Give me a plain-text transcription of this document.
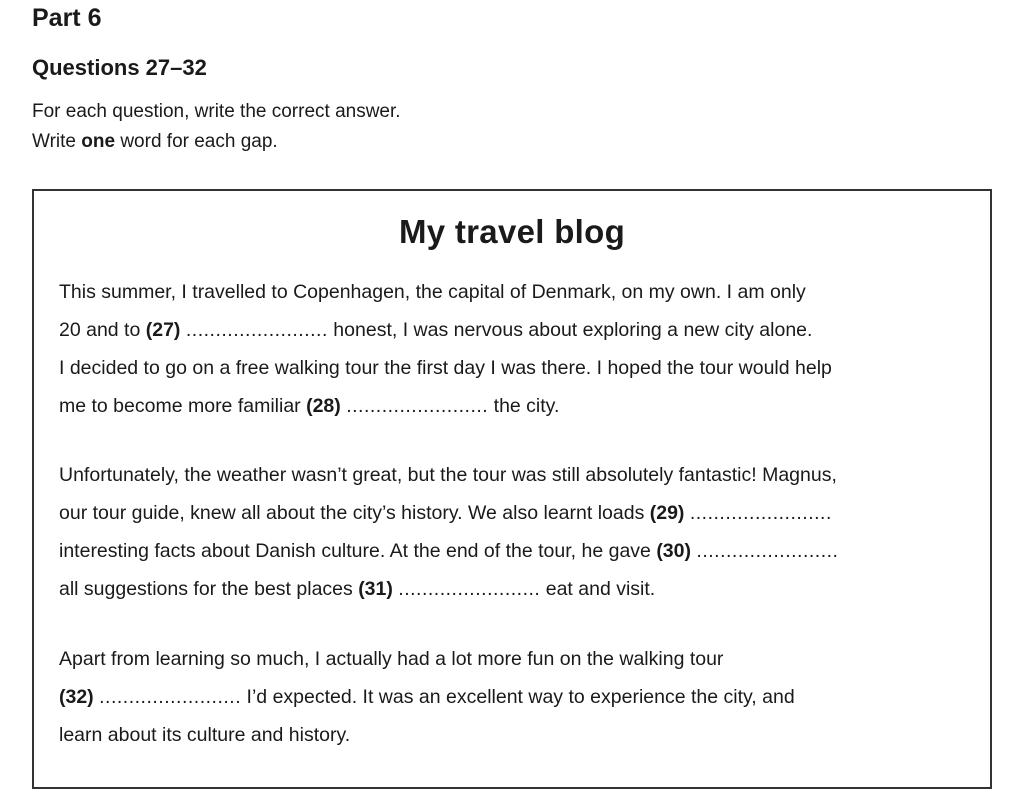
Part 6
Questions 27–32

For each question, write the correct answer.

Write one word for each gap.

My travel blog

This summer, I travelled to Copenhagen, the capital of Denmark, on my own. I am only

20 and to (27) ........................ honest, I was nervous about exploring a new city alone.

I decided to go on a free walking tour the first day I was there. I hoped the tour would help

me to become more familiar (28) ........................ the city.

Unfortunately, the weather wasn’t great, but the tour was still absolutely fantastic! Magnus,

our tour guide, knew all about the city’s history. We also learnt loads (29) ........................

interesting facts about Danish culture. At the end of the tour, he gave (30) ........................

all suggestions for the best places (31) ........................ eat and visit.

Apart from learning so much, I actually had a lot more fun on the walking tour

(32) ........................ I’d expected. It was an excellent way to experience the city, and

learn about its culture and history.
